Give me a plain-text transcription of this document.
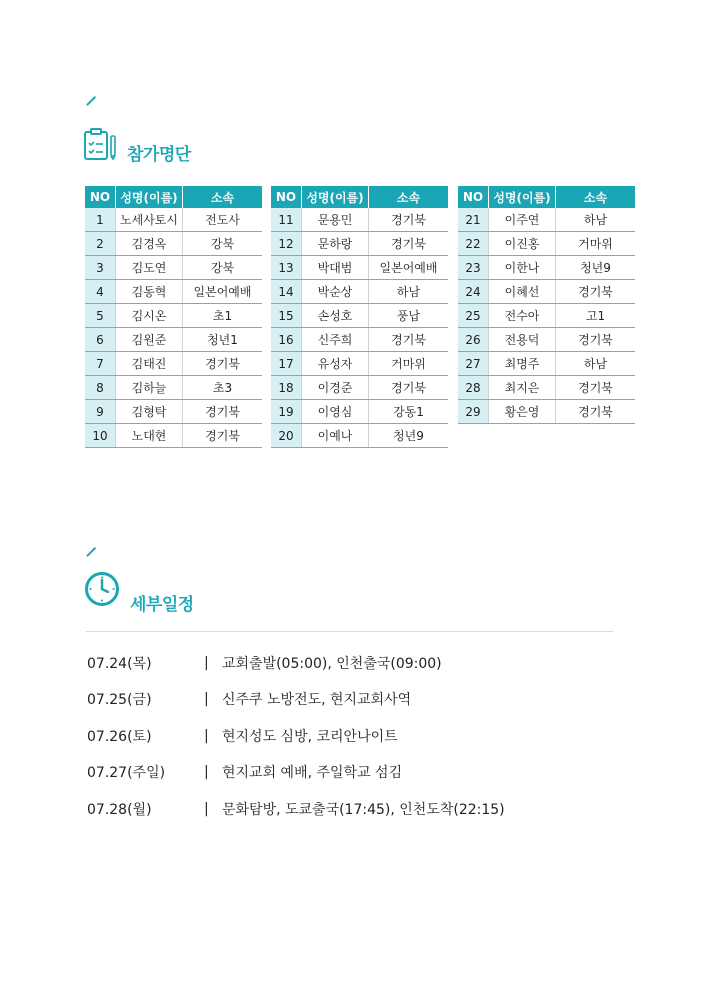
참가명단
NO	성명(이름)	소속
1	노세사토시	전도사
2	김경옥	강북
3	김도연	강북
4	김동혁	일본어예배
5	김시온	초1
6	김원준	청년1
7	김태진	경기북
8	김하늘	초3
9	김형탁	경기북
10	노대현	경기북
NO	성명(이름)	소속
11	문용민	경기북
12	문하랑	경기북
13	박대범	일본어예배
14	박순상	하남
15	손성호	풍납
16	신주희	경기북
17	유성자	거마위
18	이경준	경기북
19	이영심	강동1
20	이예나	청년9
NO	성명(이름)	소속
21	이주연	하남
22	이진홍	거마위
23	이한나	청년9
24	이혜선	경기북
25	전수아	고1
26	전용덕	경기북
27	최명주	하남
28	최지은	경기북
29	황은영	경기북
세부일정
07.24(목)	| 교회출발(05:00), 인천출국(09:00)
07.25(금)	| 신주쿠 노방전도, 현지교회사역
07.26(토)	| 현지성도 심방, 코리안나이트
07.27(주일)	| 현지교회 예배, 주일학교 섬김
07.28(월)	| 문화탐방, 도쿄출국(17:45), 인천도착(22:15)
